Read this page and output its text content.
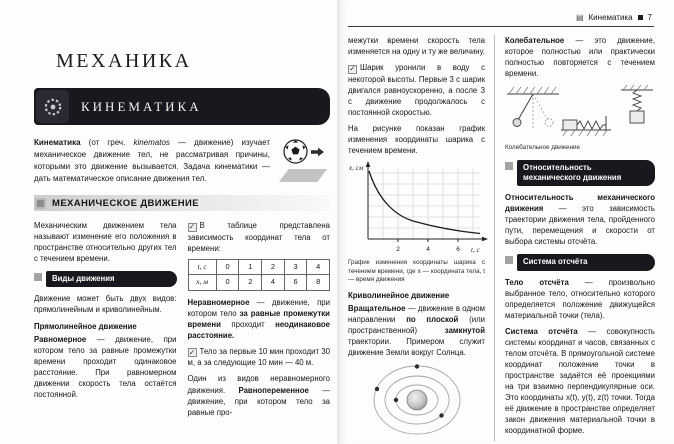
МЕХАНИКА
КИНЕМАТИКА

Кинематика (от греч. kinematos — движение) изучает механическое движение тел, не рассматривая причины, которыми это движение вызывается. Задача кинематики — дать математическое описание движения тел.

МЕХАНИЧЕСКОЕ ДВИЖЕНИЕ

Механическим движением тела называют изменение его положения в пространстве относительно других тел с течением времени.

Виды движения

Движение может быть двух видов: прямолинейным и криволинейным.

Прямолинейное движение

Равномерное — движение, при котором тело за равные промежутки времени проходит одинаковое расстояние. При равномерном движении скорость тела остаётся постоянной.

✓ В таблице представлена зависимость координат тела от времени:

t, c	0	1	2	3	4
x, м	0	2	4	6	8

Неравномерное — движение, при котором тело за равные промежутки времени проходит неодинаковое расстояние.

✓ Тело за первые 10 мин проходит 30 м, а за следующие 10 мин — 40 м.

Один из видов неравномерного движения. Равнопеременное — движение, при котором тело за равные про-

▤ Кинематика 7

межутки времени скорость тела изменяется на одну и ту же величину.

✓ Шарик уронили в воду с некоторой высоты. Первые 3 с шарик двигался равноускоренно, а после 3 с движение продолжалось с постоянной скоростью.

На рисунке показан график изменения координаты шарика с течением времени.

x, см
t, c
2	4	6

График изменения координаты шарика с течением времени, где x — координата тела, t — время движения

Криволинейное движение

Вращательное — движение в одном направлении по плоской (или пространственной) замкнутой траектории. Примером служит движение Земли вокруг Солнца.

Колебательное — это движение, которое полностью или практически полностью повторяется с течением времени.

Колебательное движение

Относительность механического движения

Относительность механического движения — это зависимость траектории движения тела, пройденного пути, перемещения и скорости от выбора системы отсчёта.

Система отсчёта

Тело отсчёта — произвольно выбранное тело, относительно которого определяется положение движущейся материальной точки (тела).

Система отсчёта — совокупность системы координат и часов, связанных с телом отсчёта. В прямоугольной системе координат положение точки в пространстве задаётся её проекциями на три взаимно перпендикулярные оси. Это координаты x(t), y(t), z(t) точки. Тогда её движение в пространстве определяет закон движения материальной точки в координатной форме.
